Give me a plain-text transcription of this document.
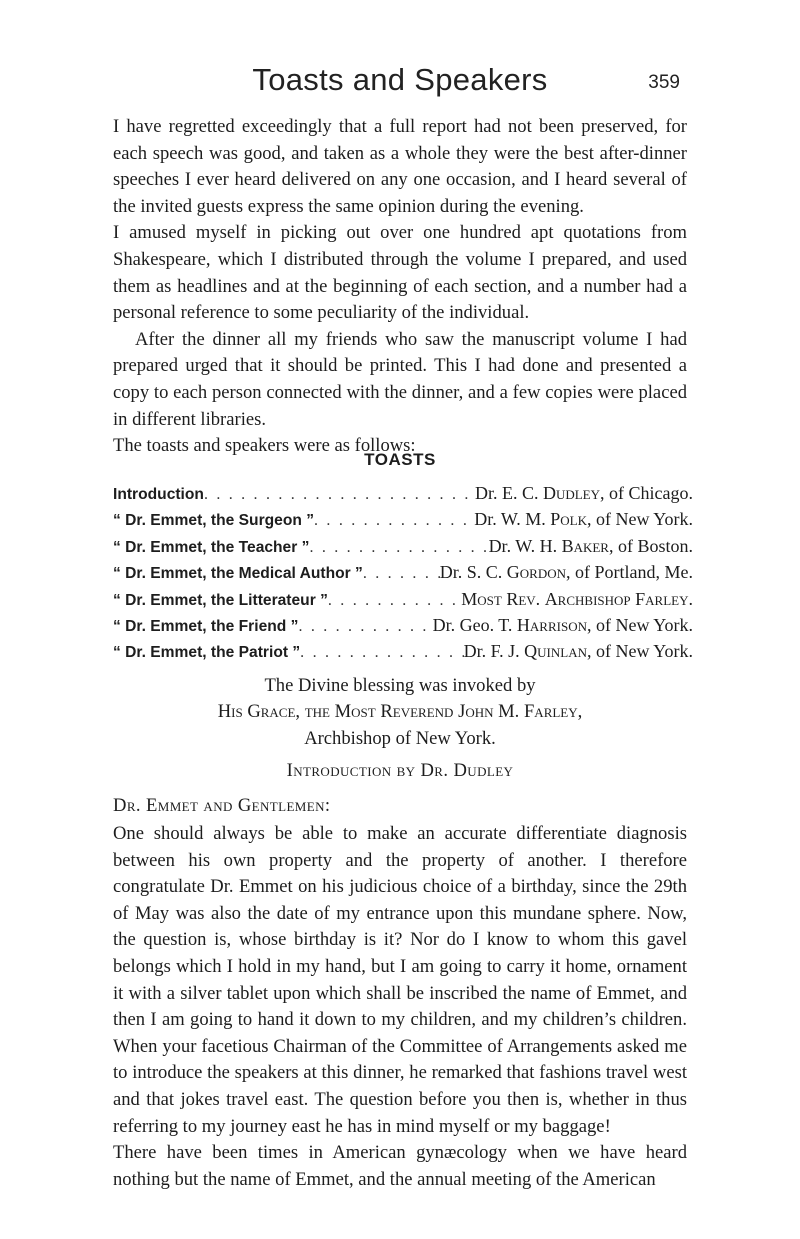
Toasts and Speakers	359

I have regretted exceedingly that a full report had not been preserved, for each speech was good, and taken as a whole they were the best after-dinner speeches I ever heard delivered on any one occasion, and I heard several of the invited guests express the same opinion during the evening.

I amused myself in picking out over one hundred apt quotations from Shakespeare, which I distributed through the volume I prepared, and used them as headlines and at the beginning of each section, and a number had a personal reference to some peculiarity of the individual.

After the dinner all my friends who saw the manuscript volume I had prepared urged that it should be printed. This I had done and presented a copy to each person connected with the dinner, and a few copies were placed in different libraries.

The toasts and speakers were as follows:

TOASTS
Introduction . . .	Dr. E. C. Dudley, of Chicago.
“ Dr. Emmet, the Surgeon ” . . .	Dr. W. M. Polk, of New York.
“ Dr. Emmet, the Teacher ” . . .	Dr. W. H. Baker, of Boston.
“ Dr. Emmet, the Medical Author ” . . .	Dr. S. C. Gordon, of Portland, Me.
“ Dr. Emmet, the Litterateur ” . . .	Most Rev. Archbishop Farley.
“ Dr. Emmet, the Friend ” . . .	Dr. Geo. T. Harrison, of New York.
“ Dr. Emmet, the Patriot ” . . .	Dr. F. J. Quinlan, of New York.
The Divine blessing was invoked by
His Grace, the Most Reverend John M. Farley,
Archbishop of New York.
Introduction by Dr. Dudley
Dr. Emmet and Gentlemen:

One should always be able to make an accurate differentiate diagnosis between his own property and the property of another. I therefore congratulate Dr. Emmet on his judicious choice of a birthday, since the 29th of May was also the date of my entrance upon this mundane sphere. Now, the question is, whose birthday is it? Nor do I know to whom this gavel belongs which I hold in my hand, but I am going to carry it home, ornament it with a silver tablet upon which shall be inscribed the name of Emmet, and then I am going to hand it down to my children, and my children’s children. When your facetious Chairman of the Committee of Arrangements asked me to introduce the speakers at this dinner, he remarked that fashions travel west and that jokes travel east. The question before you then is, whether in thus referring to my journey east he has in mind myself or my baggage!

There have been times in American gynæcology when we have heard nothing but the name of Emmet, and the annual meeting of the American
